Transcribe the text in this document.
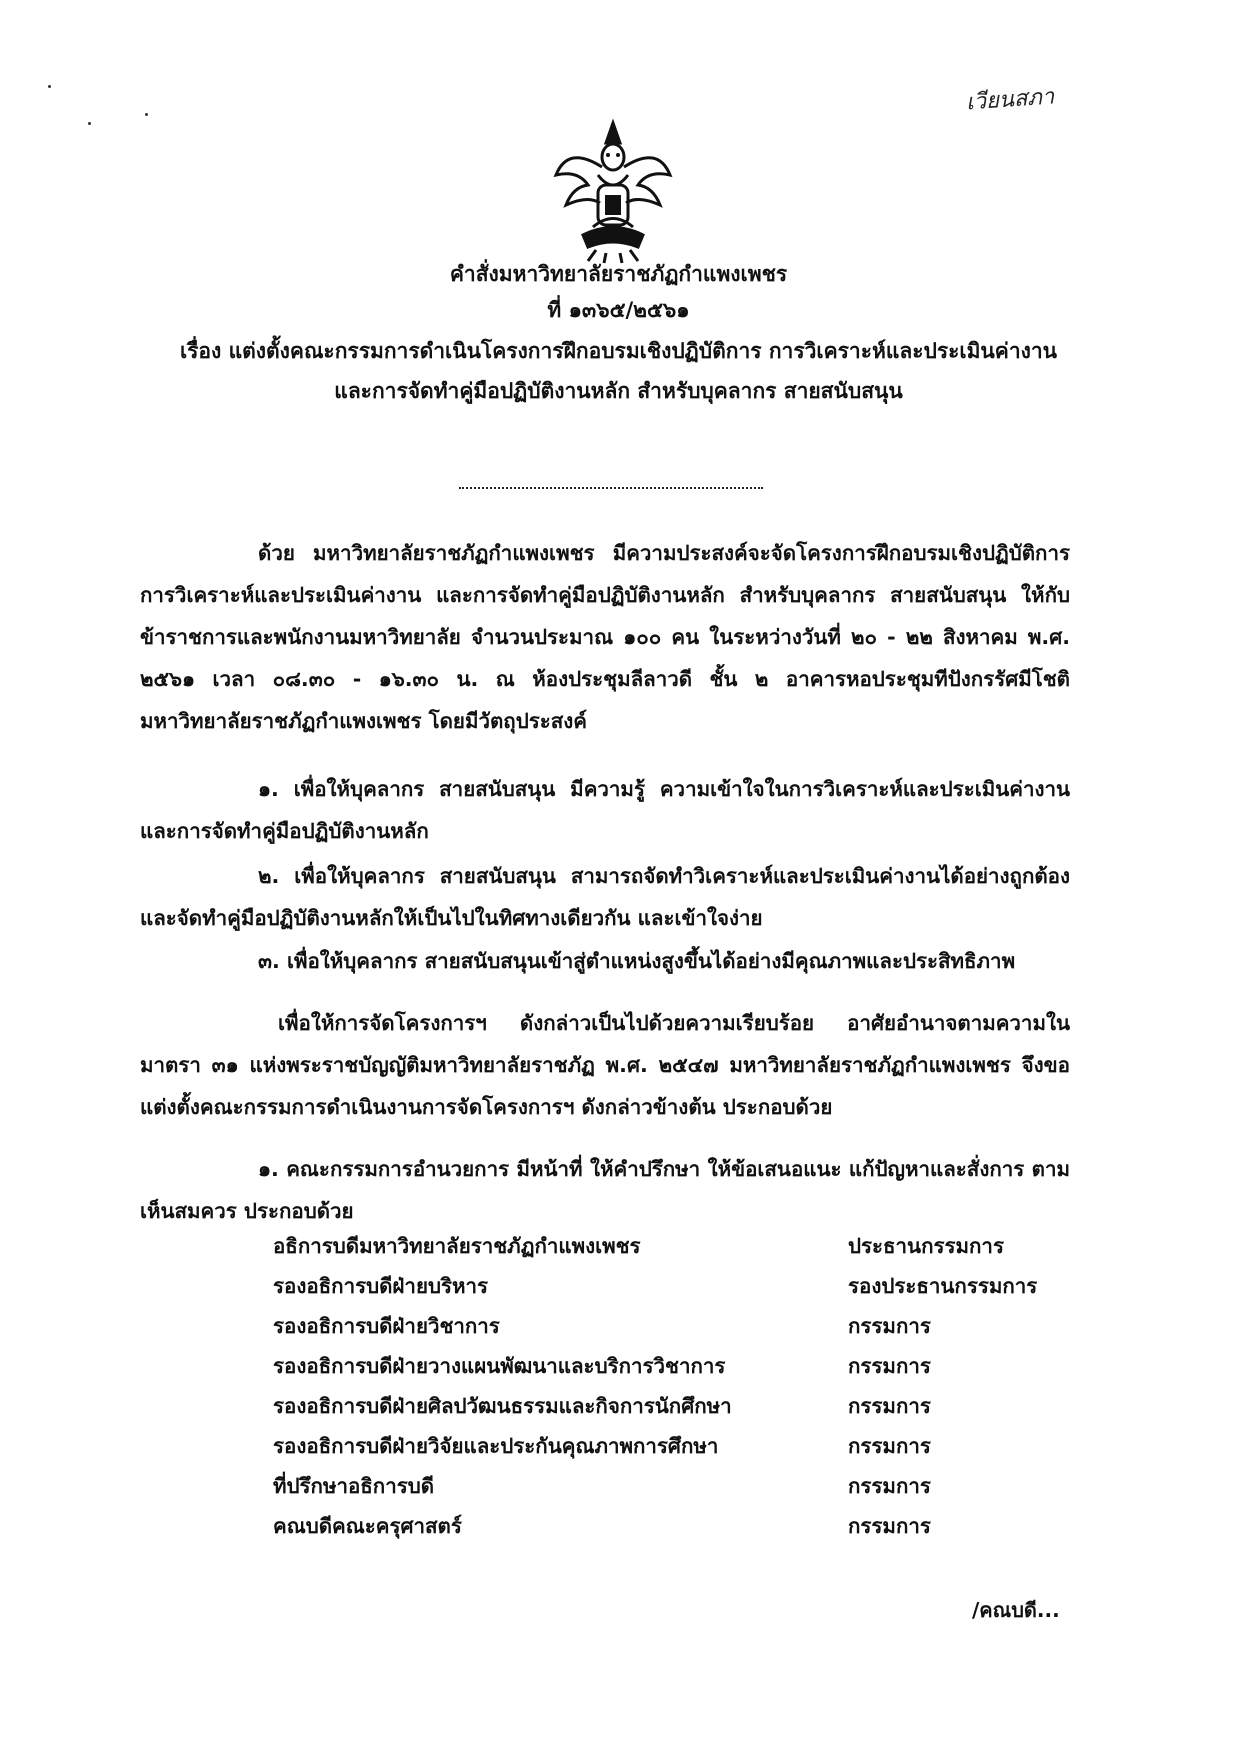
เวียนสภา
คำสั่งมหาวิทยาลัยราชภัฏกำแพงเพชร
ที่ ๑๓๖๕/๒๕๖๑
เรื่อง แต่งตั้งคณะกรรมการดำเนินโครงการฝึกอบรมเชิงปฏิบัติการ การวิเคราะห์และประเมินค่างาน
และการจัดทำคู่มือปฏิบัติงานหลัก สำหรับบุคลากร สายสนับสนุน

ด้วย มหาวิทยาลัยราชภัฏกำแพงเพชร มีความประสงค์จะจัดโครงการฝึกอบรมเชิงปฏิบัติการ การวิเคราะห์และประเมินค่างาน และการจัดทำคู่มือปฏิบัติงานหลัก สำหรับบุคลากร สายสนับสนุน ให้กับข้าราชการและพนักงานมหาวิทยาลัย จำนวนประมาณ ๑๐๐ คน ในระหว่างวันที่ ๒๐ - ๒๒ สิงหาคม พ.ศ. ๒๕๖๑ เวลา ๐๘.๓๐ - ๑๖.๓๐ น. ณ ห้องประชุมลีลาวดี ชั้น ๒ อาคารหอประชุมทีปังกรรัศมีโชติ มหาวิทยาลัยราชภัฏกำแพงเพชร โดยมีวัตถุประสงค์

๑. เพื่อให้บุคลากร สายสนับสนุน มีความรู้ ความเข้าใจในการวิเคราะห์และประเมินค่างาน และการจัดทำคู่มือปฏิบัติงานหลัก

๒. เพื่อให้บุคลากร สายสนับสนุน สามารถจัดทำวิเคราะห์และประเมินค่างานได้อย่างถูกต้อง และจัดทำคู่มือปฏิบัติงานหลักให้เป็นไปในทิศทางเดียวกัน และเข้าใจง่าย

๓. เพื่อให้บุคลากร สายสนับสนุนเข้าสู่ตำแหน่งสูงขึ้นได้อย่างมีคุณภาพและประสิทธิภาพ

เพื่อให้การจัดโครงการฯ ดังกล่าวเป็นไปด้วยความเรียบร้อย อาศัยอำนาจตามความในมาตรา ๓๑ แห่งพระราชบัญญัติมหาวิทยาลัยราชภัฏ พ.ศ. ๒๕๔๗ มหาวิทยาลัยราชภัฏกำแพงเพชร จึงขอแต่งตั้งคณะกรรมการดำเนินงานการจัดโครงการฯ ดังกล่าวข้างต้น ประกอบด้วย

๑. คณะกรรมการอำนวยการ มีหน้าที่ ให้คำปรึกษา ให้ข้อเสนอแนะ แก้ปัญหาและสั่งการ ตามเห็นสมควร ประกอบด้วย

อธิการบดีมหาวิทยาลัยราชภัฏกำแพงเพชร	ประธานกรรมการ
รองอธิการบดีฝ่ายบริหาร	รองประธานกรรมการ
รองอธิการบดีฝ่ายวิชาการ	กรรมการ
รองอธิการบดีฝ่ายวางแผนพัฒนาและบริการวิชาการ	กรรมการ
รองอธิการบดีฝ่ายศิลปวัฒนธรรมและกิจการนักศึกษา	กรรมการ
รองอธิการบดีฝ่ายวิจัยและประกันคุณภาพการศึกษา	กรรมการ
ที่ปรึกษาอธิการบดี	กรรมการ
คณบดีคณะครุศาสตร์	กรรมการ
/คณบดี...
